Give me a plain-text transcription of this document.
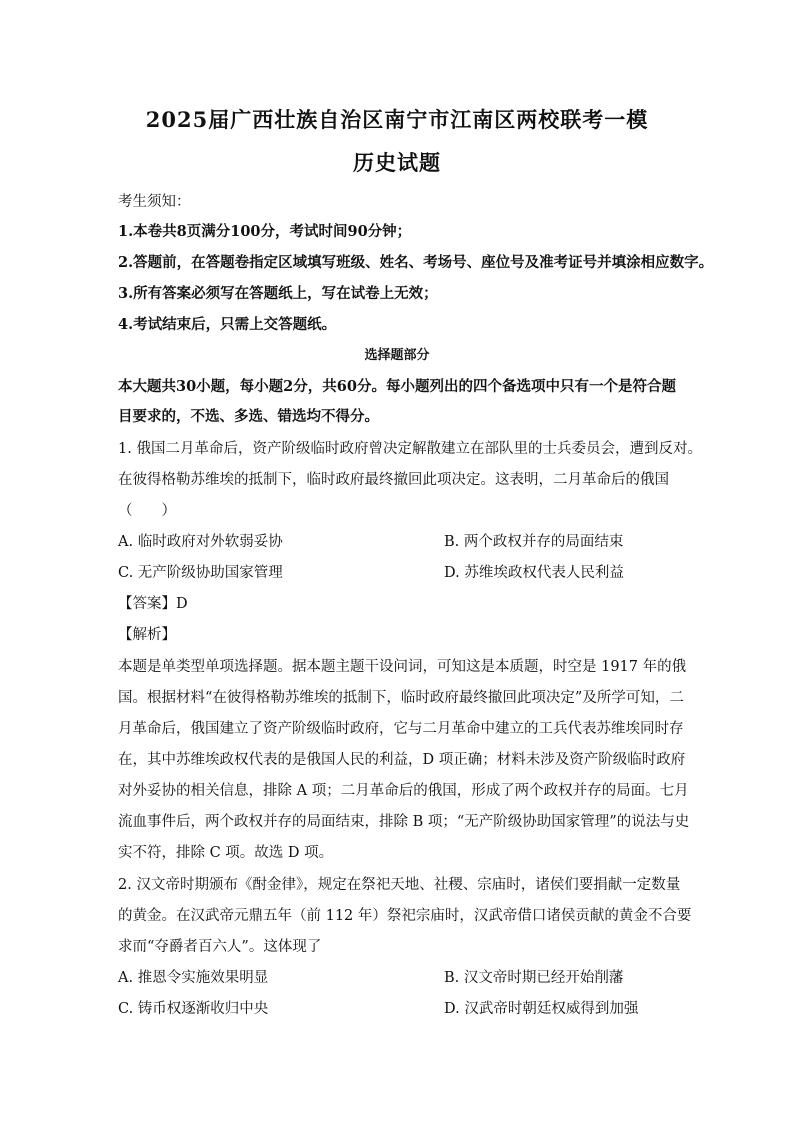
2025届广西壮族自治区南宁市江南区两校联考一模
历史试题
考生须知：
1.本卷共8页满分100分，考试时间90分钟；
2.答题前，在答题卷指定区域填写班级、姓名、考场号、座位号及准考证号并填涂相应数字。
3.所有答案必须写在答题纸上，写在试卷上无效；
4.考试结束后，只需上交答题纸。
选择题部分
本大题共30小题，每小题2分，共60分。每小题列出的四个备选项中只有一个是符合题
目要求的，不选、多选、错选均不得分。
1. 俄国二月革命后，资产阶级临时政府曾决定解散建立在部队里的士兵委员会，遭到反对。
在彼得格勒苏维埃的抵制下，临时政府最终撤回此项决定。这表明，二月革命后的俄国
（　　）
A. 临时政府对外软弱妥协	B. 两个政权并存的局面结束
C. 无产阶级协助国家管理	D. 苏维埃政权代表人民利益
【答案】D
【解析】
本题是单类型单项选择题。据本题主题干设问词，可知这是本质题，时空是 1917 年的俄
国。根据材料“在彼得格勒苏维埃的抵制下，临时政府最终撤回此项决定”及所学可知，二
月革命后，俄国建立了资产阶级临时政府，它与二月革命中建立的工兵代表苏维埃同时存
在，其中苏维埃政权代表的是俄国人民的利益，D 项正确；材料未涉及资产阶级临时政府
对外妥协的相关信息，排除 A 项；二月革命后的俄国，形成了两个政权并存的局面。七月
流血事件后，两个政权并存的局面结束，排除 B 项；“无产阶级协助国家管理”的说法与史
实不符，排除 C 项。故选 D 项。
2. 汉文帝时期颁布《酎金律》，规定在祭祀天地、社稷、宗庙时，诸侯们要捐献一定数量
的黄金。在汉武帝元鼎五年（前 112 年）祭祀宗庙时，汉武帝借口诸侯贡献的黄金不合要
求而“夺爵者百六人”。这体现了
A. 推恩令实施效果明显	B. 汉文帝时期已经开始削藩
C. 铸币权逐渐收归中央	D. 汉武帝时朝廷权威得到加强
